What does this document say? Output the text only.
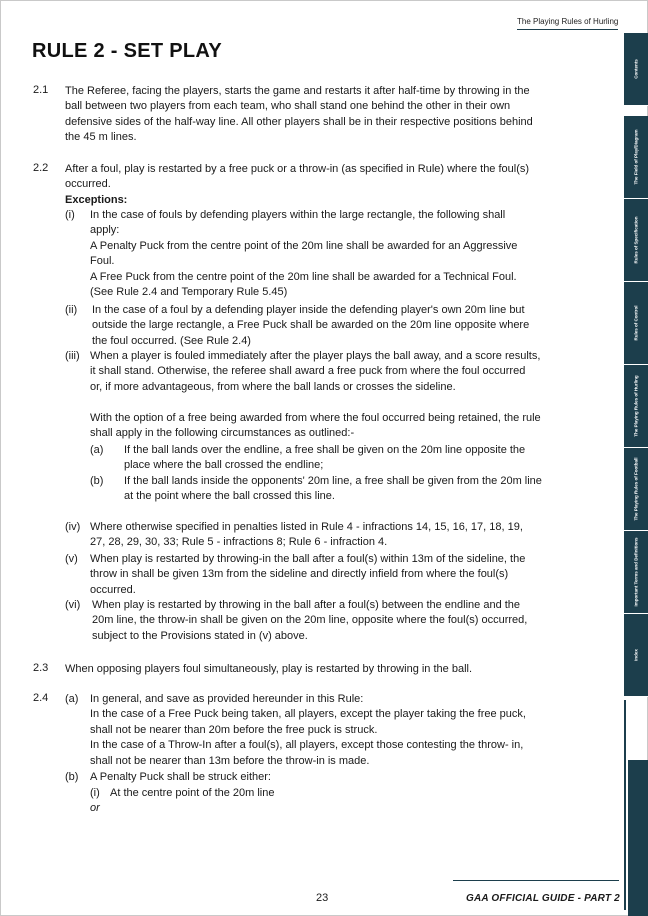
The Playing Rules of Hurling
RULE 2 - SET PLAY
2.1 The Referee, facing the players, starts the game and restarts it after half-time by throwing in the
ball between two players from each team, who shall stand one behind the other in their own
defensive sides of the half-way line. All other players shall be in their respective positions behind
the 45 m lines.
2.2 After a foul, play is restarted by a free puck or a throw-in (as specified in Rule) where the foul(s)
occurred.
Exceptions:
(i) In the case of fouls by defending players within the large rectangle, the following shall
apply:
A Penalty Puck from the centre point of the 20m line shall be awarded for an Aggressive
Foul.
A Free Puck from the centre point of the 20m line shall be awarded for a Technical Foul.
(See Rule 2.4 and Temporary Rule 5.45)
(ii) In the case of a foul by a defending player inside the defending player's own 20m line but
outside the large rectangle, a Free Puck shall be awarded on the 20m line opposite where
the foul occurred. (See Rule 2.4)
(iii) When a player is fouled immediately after the player plays the ball away, and a score results,
it shall stand. Otherwise, the referee shall award a free puck from where the foul occurred
or, if more advantageous, from where the ball lands or crosses the sideline.
With the option of a free being awarded from where the foul occurred being retained, the rule
shall apply in the following circumstances as outlined:-
(a) If the ball lands over the endline, a free shall be given on the 20m line opposite the
place where the ball crossed the endline;
(b) If the ball lands inside the opponents' 20m line, a free shall be given from the 20m line
at the point where the ball crossed this line.
(iv) Where otherwise specified in penalties listed in Rule 4 - infractions 14, 15, 16, 17, 18, 19,
27, 28, 29, 30, 33; Rule 5 - infractions 8; Rule 6 - infraction 4.
(v) When play is restarted by throwing-in the ball after a foul(s) within 13m of the sideline, the
throw in shall be given 13m from the sideline and directly infield from where the foul(s)
occurred.
(vi) When play is restarted by throwing in the ball after a foul(s) between the endline and the
20m line, the throw-in shall be given on the 20m line, opposite where the foul(s) occurred,
subject to the Provisions stated in (v) above.
2.3 When opposing players foul simultaneously, play is restarted by throwing in the ball.
2.4 (a) In general, and save as provided hereunder in this Rule:
In the case of a Free Puck being taken, all players, except the player taking the free puck,
shall not be nearer than 20m before the free puck is struck.
In the case of a Throw-In after a foul(s), all players, except those contesting the throw- in,
shall not be nearer than 13m before the throw-in is made.
(b) A Penalty Puck shall be struck either:
(i) At the centre point of the 20m line
or
Contents
The Field of Play/Diagram
Rules of Specification
Rules of Control
The Playing Rules of Hurling
The Playing Rules of Football
Important Terms and Definitions
Index
23	GAA OFFICIAL GUIDE - PART 2
